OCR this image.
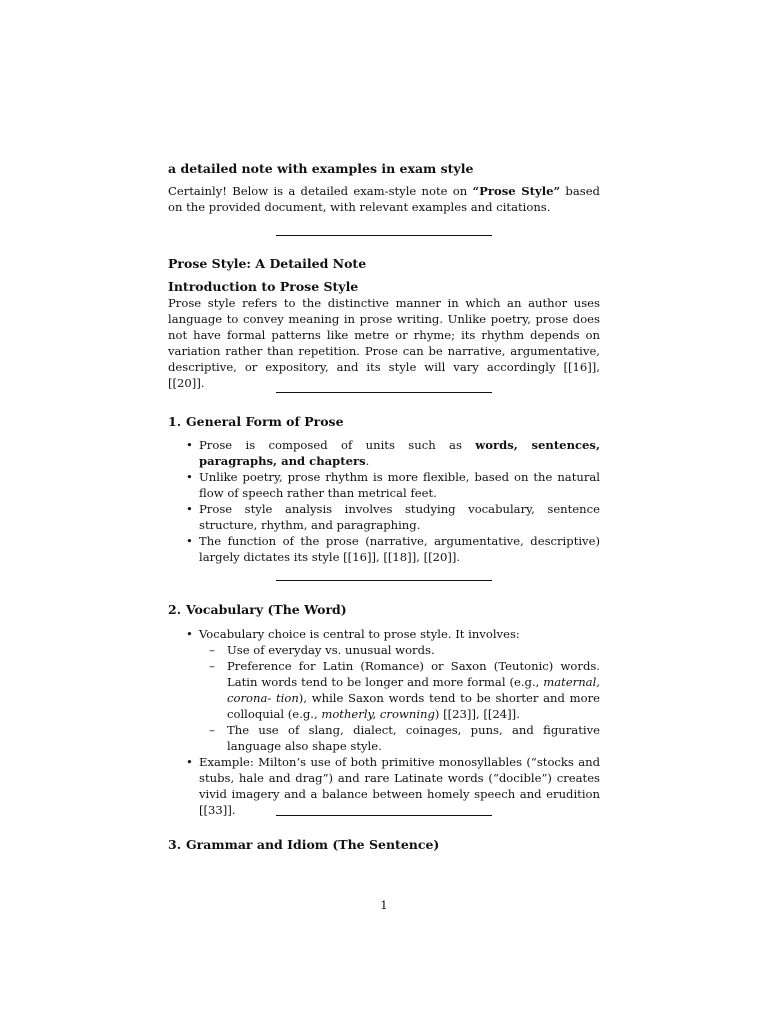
a detailed note with examples in exam style
Certainly! Below is a detailed exam-style note on “Prose Style” based on the provided document, with relevant examples and citations.
Prose Style: A Detailed Note
Introduction to Prose Style
Prose style refers to the distinctive manner in which an author uses language to convey meaning in prose writing. Unlike poetry, prose does not have formal patterns like metre or rhyme; its rhythm depends on variation rather than repetition. Prose can be narrative, argumentative, descriptive, or expository, and its style will vary accordingly [[16]], [[20]].
1. General Form of Prose
• Prose is composed of units such as words, sentences, paragraphs, and chapters.
• Unlike poetry, prose rhythm is more flexible, based on the natural flow of speech rather than metrical feet.
• Prose style analysis involves studying vocabulary, sentence structure, rhythm, and paragraphing.
• The function of the prose (narrative, argumentative, descriptive) largely dictates its style [[16]], [[18]], [[20]].
2. Vocabulary (The Word)
• Vocabulary choice is central to prose style. It involves:
– Use of everyday vs. unusual words.
– Preference for Latin (Romance) or Saxon (Teutonic) words. Latin words tend to be longer and more formal (e.g., maternal, corona- tion), while Saxon words tend to be shorter and more colloquial (e.g., motherly, crowning) [[23]], [[24]].
– The use of slang, dialect, coinages, puns, and figurative language also shape style.
• Example: Milton’s use of both primitive monosyllables (“stocks and stubs, hale and drag”) and rare Latinate words (“docible”) creates vivid imagery and a balance between homely speech and erudition [[33]].
3. Grammar and Idiom (The Sentence)
1
